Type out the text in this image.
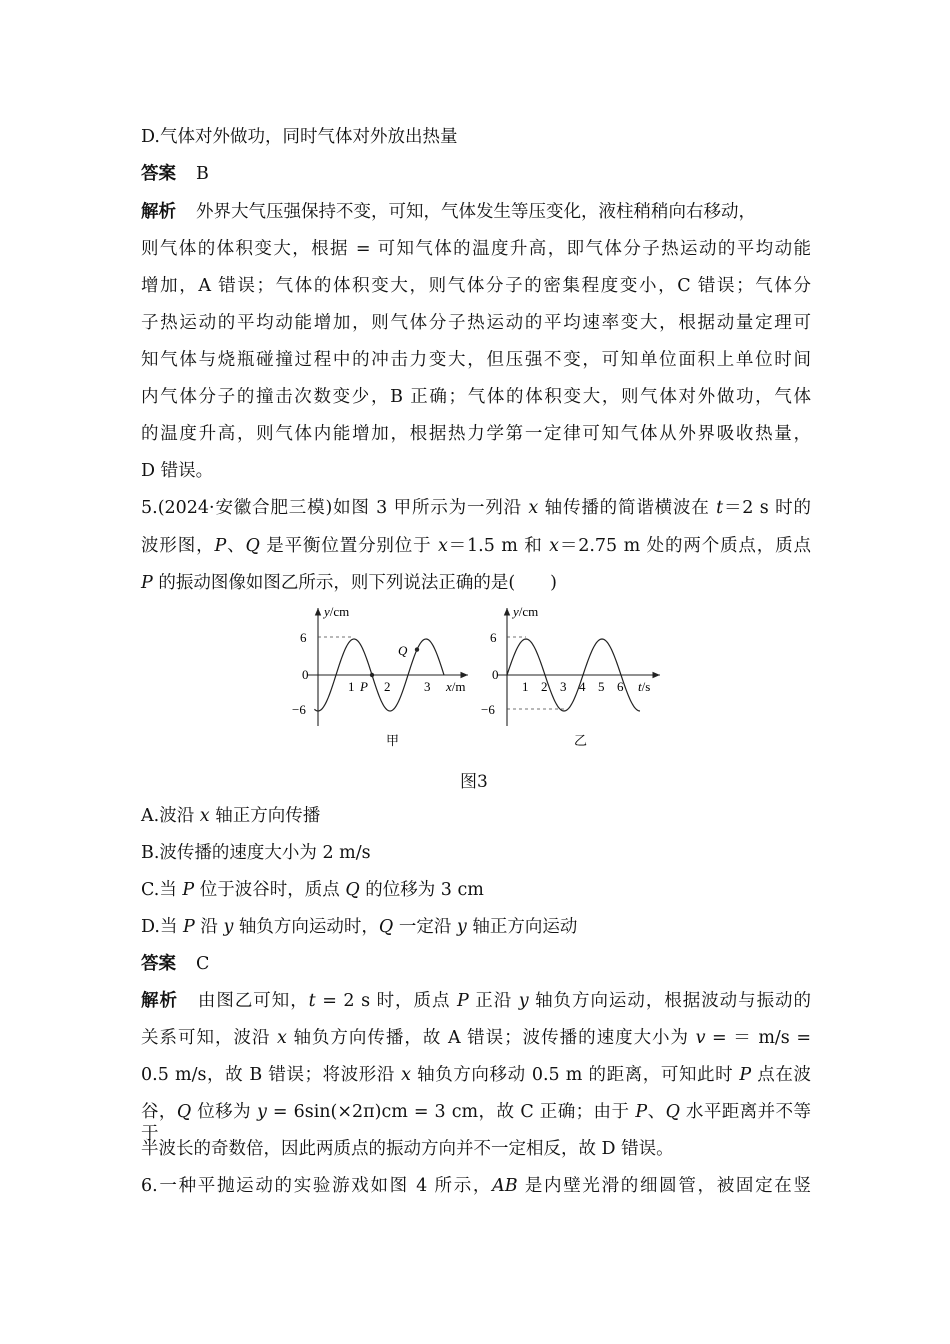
D.气体对外做功，同时气体对外放出热量
答案 B
解析 外界大气压强保持不变，可知，气体发生等压变化，液柱稍稍向右移动，
则气体的体积变大，根据 = 可知气体的温度升高，即气体分子热运动的平均动能
增加，A 错误；气体的体积变大，则气体分子的密集程度变小，C 错误；气体分
子热运动的平均动能增加，则气体分子热运动的平均速率变大，根据动量定理可
知气体与烧瓶碰撞过程中的冲击力变大，但压强不变，可知单位面积上单位时间
内气体分子的撞击次数变少，B 正确；气体的体积变大，则气体对外做功，气体
的温度升高，则气体内能增加，根据热力学第一定律可知气体从外界吸收热量，
D 错误。
5.(2024·安徽合肥三模)如图 3 甲所示为一列沿 x 轴传播的简谐横波在 t＝2 s 时的
波形图，P、Q 是平衡位置分别位于 x＝1.5 m 和 x＝2.75 m 处的两个质点，质点
P 的振动图像如图乙所示，则下列说法正确的是(　　)
y/cm
6
0
−6
1 P 2	3 x/m
Q
甲
y/cm
6
0
−6
1 2 3 4 5 6 t/s
乙
图3
A.波沿 x 轴正方向传播
B.波传播的速度大小为 2 m/s
C.当 P 位于波谷时，质点 Q 的位移为 3 cm
D.当 P 沿 y 轴负方向运动时，Q 一定沿 y 轴正方向运动
答案 C
解析 由图乙可知，t = 2 s 时，质点 P 正沿 y 轴负方向运动，根据波动与振动的
关系可知，波沿 x 轴负方向传播，故 A 错误；波传播的速度大小为 v = ＝ m/s =
0.5 m/s，故 B 错误；将波形沿 x 轴负方向移动 0.5 m 的距离，可知此时 P 点在波
谷，Q 位移为 y = 6sin(×2π)cm = 3 cm，故 C 正确；由于 P、Q 水平距离并不等于
半波长的奇数倍，因此两质点的振动方向并不一定相反，故 D 错误。
6.一种平抛运动的实验游戏如图 4 所示，AB 是内壁光滑的细圆管，被固定在竖
